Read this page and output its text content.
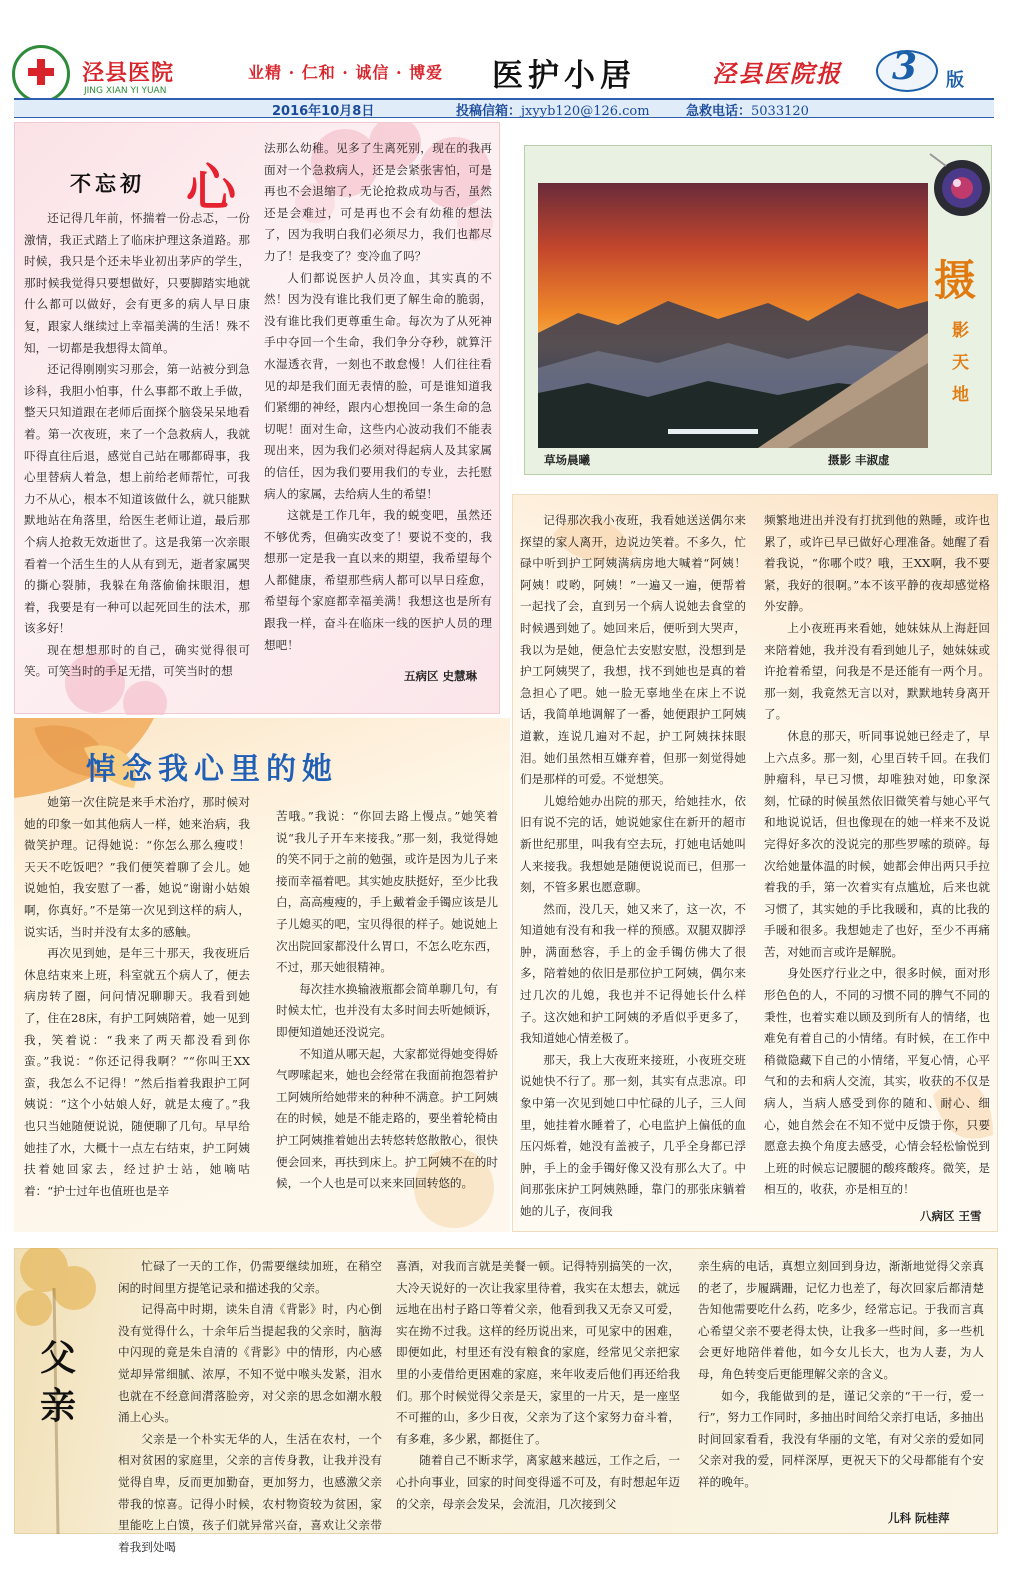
泾县医院
JING XIAN YI YUAN
业精 · 仁和 · 诚信 · 博爱 医护小居	泾县医院报 3 版
2016年10月8日	投稿信箱：jxyyb120@126.com	急救电话：5033120
不忘初 心

还记得几年前，怀揣着一份忐忑，一份激情，我正式踏上了临床护理这条道路。那时候，我只是个还未毕业初出茅庐的学生，那时候我觉得只要想做好，只要脚踏实地就什么都可以做好，会有更多的病人早日康复，跟家人继续过上幸福美满的生活！殊不知，一切都是我想得太简单。

还记得刚刚实习那会，第一站被分到急诊科，我胆小怕事，什么事都不敢上手做，整天只知道跟在老师后面探个脑袋呆呆地看着。第一次夜班，来了一个急救病人，我就吓得直往后退，感觉自己站在哪都碍事，我心里替病人着急，想上前给老师帮忙，可我力不从心，根本不知道该做什么，就只能默默地站在角落里，给医生老师让道，最后那个病人抢救无效逝世了。这是我第一次亲眼看着一个活生生的人从有到无，逝者家属哭的撕心裂肺，我躲在角落偷偷抹眼泪，想着，我要是有一种可以起死回生的法术，那该多好！

现在想想那时的自己，确实觉得很可笑。可笑当时的手足无措，可笑当时的想

法那么幼稚。见多了生离死别，现在的我再面对一个急救病人，还是会紧张害怕，可是再也不会退缩了，无论抢救成功与否，虽然还是会难过，可是再也不会有幼稚的想法了，因为我明白我们必须尽力，我们也都尽力了！是我变了？变冷血了吗？

人们都说医护人员冷血，其实真的不然！因为没有谁比我们更了解生命的脆弱，没有谁比我们更尊重生命。每次为了从死神手中夺回一个生命，我们争分夺秒，就算汗水湿透衣背，一刻也不敢怠慢！人们往往看见的却是我们面无表情的脸，可是谁知道我们紧绷的神经，跟内心想挽回一条生命的急切呢！面对生命，这些内心波动我们不能表现出来，因为我们必须对得起病人及其家属的信任，因为我们要用我们的专业，去托慰病人的家属，去给病人生的希望！

这就是工作几年，我的蜕变吧，虽然还不够优秀，但确实改变了！要说不变的，我想那一定是我一直以来的期望，我希望每个人都健康，希望那些病人都可以早日痊愈，希望每个家庭都幸福美满！我想这也是所有跟我一样，奋斗在临床一线的医护人员的理想吧！

五病区 史慧琳
草场晨曦	摄影 丰淑虚
摄
影
天
地
悼念我心里的她

她第一次住院是来手术治疗，那时候对她的印象一如其他病人一样，她来治病，我微笑护理。记得她说：“你怎么那么瘦哎！天天不吃饭吧？”我们便笑着聊了会儿。她说她怕，我安慰了一番，她说“谢谢小姑娘啊，你真好。”不是第一次见到这样的病人，说实话，当时并没有太多的感触。

再次见到她，是年三十那天，我夜班后休息结束来上班，科室就五个病人了，便去病房转了圈，问问情况聊聊天。我看到她了，住在28床，有护工阿姨陪着，她一见到我，笑着说：“我来了两天都没看到你蛮。”我说：“你还记得我啊？”“你叫王XX蛮，我怎么不记得！”然后指着我跟护工阿姨说：“这个小姑娘人好，就是太瘦了。”我也只当她随便说说，随便聊了几句。早早给她挂了水，大概十一点左右结束，护工阿姨扶着她回家去，经过护士站，她嘀咕着：“护士过年也值班也是辛

苦哦。”我说：“你回去路上慢点。”她笑着说“我儿子开车来接我。”那一刻，我觉得她的笑不同于之前的勉强，或许是因为儿子来接而幸福着吧。其实她皮肤挺好，至少比我白，高高瘦瘦的，手上戴着金手镯应该是儿子儿媳买的吧，宝贝得很的样子。她说她上次出院回家都没什么胃口，不怎么吃东西，不过，那天她很精神。

每次挂水换输液瓶都会简单聊几句，有时候太忙，也并没有太多时间去听她倾诉，即便知道她还没说完。

不知道从哪天起，大家都觉得她变得娇气啰嗦起来，她也会经常在我面前抱怨着护工阿姨所给她带来的种种不满意。护工阿姨在的时候，她是不能走路的，要坐着轮椅由护工阿姨推着她出去转悠转悠散散心，很快便会回来，再扶到床上。护工阿姨不在的时候，一个人也是可以来来回回转悠的。

记得那次我小夜班，我看她送送偶尔来探望的家人离开，边说边笑着。不多久，忙碌中听到护工阿姨满病房地大喊着“阿姨！阿姨！哎哟，阿姨！”一遍又一遍，便帮着一起找了会，直到另一个病人说她去食堂的时候遇到她了。她回来后，便听到大哭声，我以为是她，便急忙去安慰安慰，没想到是护工阿姨哭了，我想，找不到她也是真的着急担心了吧。她一脸无辜地坐在床上不说话，我简单地调解了一番，她便跟护工阿姨道歉，连说几遍对不起，护工阿姨抹抹眼泪。她们虽然相互嫌弃着，但那一刻觉得她们是那样的可爱。不觉想笑。

儿媳给她办出院的那天，给她挂水，依旧有说不完的话，她说她家住在新开的超市新世纪那里，叫我有空去玩，打她电话她叫人来接我。我想她是随便说说而已，但那一刻，不管多累也愿意聊。

然而，没几天，她又来了，这一次，不知道她有没有和我一样的预感。双腿双脚浮肿，满面愁容，手上的金手镯仿佛大了很多，陪着她的依旧是那位护工阿姨，偶尔来过几次的儿媳，我也并不记得她长什么样子。这次她和护工阿姨的矛盾似乎更多了，我知道她心情差极了。

那天，我上大夜班来接班，小夜班交班说她快不行了。那一刻，其实有点悲凉。印象中第一次见到她口中忙碌的儿子，三人间里，她挂着水睡着了，心电监护上偏低的血压闪烁着，她没有盖被子，几乎全身都已浮肿，手上的金手镯好像又没有那么大了。中间那张床护工阿姨熟睡，靠门的那张床躺着她的儿子，夜间我

频繁地进出并没有打扰到他的熟睡，或许也累了，或许已早已做好心理准备。她醒了看着我说，“你哪个哎？哦，王XX啊，我不要紧，我好的很啊。”本不该平静的夜却感觉格外安静。

上小夜班再来看她，她妹妹从上海赶回来陪着她，我并没有看到她儿子，她妹妹或许抢着希望，问我是不是还能有一两个月。那一刻，我竟然无言以对，默默地转身离开了。

休息的那天，听同事说她已经走了，早上六点多。那一刻，心里百转千回。在我们肿瘤科，早已习惯，却唯独对她，印象深刻，忙碌的时候虽然依旧微笑着与她心平气和地说说话，但也像现在的她一样来不及说完得好多次的没说完的那些罗嗦的琐碎。每次给她量体温的时候，她都会伸出两只手拉着我的手，第一次着实有点尴尬，后来也就习惯了，其实她的手比我暖和，真的比我的手暖和很多。我想她走了也好，至少不再痛苦，对她而言或许是解脱。

身处医疗行业之中，很多时候，面对形形色色的人，不同的习惯不同的脾气不同的秉性，也着实难以顾及到所有人的情绪，也难免有着自己的小情绪。有时候，在工作中稍微隐藏下自己的小情绪，平复心情，心平气和的去和病人交流，其实，收获的不仅是病人，当病人感受到你的随和、耐心、细心，她自然会在不知不觉中反馈于你，只要愿意去换个角度去感受，心情会轻松愉悦到上班的时候忘记腰腿的酸疼酸疼。微笑，是相互的，收获，亦是相互的！

八病区 王雪
父
亲

忙碌了一天的工作，仍需要继续加班，在稍空闲的时间里方提笔记录和描述我的父亲。

记得高中时期，读朱自清《背影》时，内心倒没有觉得什么，十余年后当提起我的父亲时，脑海中闪现的竟是朱自清的《背影》中的情形，内心感觉却异常细腻、浓厚，不知不觉中喉头发紧，泪水也就在不经意间潸落脸旁，对父亲的思念如潮水般涌上心头。

父亲是一个朴实无华的人，生活在农村，一个相对贫困的家庭里，父亲的言传身教，让我并没有觉得自卑，反而更加勤奋，更加努力，也感激父亲带我的惊喜。记得小时候，农村物资较为贫困，家里能吃上白馍，孩子们就异常兴奋，喜欢让父亲带着我到处喝

喜酒，对我而言就是美餐一顿。记得特别搞笑的一次，大冷天说好的一次让我家里待着，我实在太想去，就远远地在出村子路口等着父亲，他看到我又无奈又可爱，实在拗不过我。这样的经历说出来，可见家中的困难，即便如此，村里还有没有粮食的家庭，经常见父亲把家里的小麦借给更困难的家庭，来年收麦后他们再还给我们。那个时候觉得父亲是天，家里的一片天，是一座坚不可摧的山，多少日夜，父亲为了这个家努力奋斗着，有多难，多少累，都挺住了。

随着自己不断求学，离家越来越远，工作之后，一心扑向事业，回家的时间变得遥不可及，有时想起年迈的父亲，母亲会发呆，会流泪，几次接到父

亲生病的电话，真想立刻回到身边，渐渐地觉得父亲真的老了，步履蹒跚，记忆力也差了，每次回家后都清楚告知他需要吃什么药，吃多少，经常忘记。于我而言真心希望父亲不要老得太快，让我多一些时间，多一些机会更好地陪伴着他，如今女儿长大，也为人妻，为人母，角色转变后更能理解父亲的含义。

如今，我能做到的是，谨记父亲的“干一行，爱一行”，努力工作同时，多抽出时间给父亲打电话，多抽出时间回家看看，我没有华丽的文笔，有对父亲的爱如同父亲对我的爱，同样深厚，更祝天下的父母都能有个安祥的晚年。

儿科 阮桂萍
